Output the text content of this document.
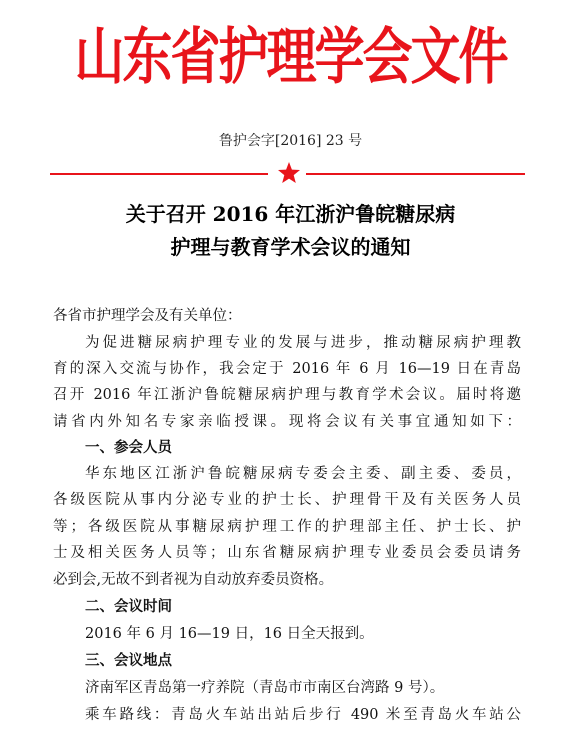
山东省护理学会文件
鲁护会字[2016] 23 号
关于召开 2016 年江浙沪鲁皖糖尿病
护理与教育学术会议的通知
各省市护理学会及有关单位：
为促进糖尿病护理专业的发展与进步，推动糖尿病护理教
育的深入交流与协作，我会定于 2016 年 6 月 16—19 日在青岛
召开 2016 年江浙沪鲁皖糖尿病护理与教育学术会议。届时将邀
请省内外知名专家亲临授课。现将会议有关事宜通知如下：
一、参会人员
华东地区江浙沪鲁皖糖尿病专委会主委、副主委、委员，
各级医院从事内分泌专业的护士长、护理骨干及有关医务人员
等；各级医院从事糖尿病护理工作的护理部主任、护士长、护
士及相关医务人员等；山东省糖尿病护理专业委员会委员请务
必到会,无故不到者视为自动放弃委员资格。
二、会议时间
2016 年 6 月 16—19 日，16 日全天报到。
三、会议地点
济南军区青岛第一疗养院（青岛市市南区台湾路 9 号）。
乘车路线：青岛火车站出站后步行 490 米至青岛火车站公
